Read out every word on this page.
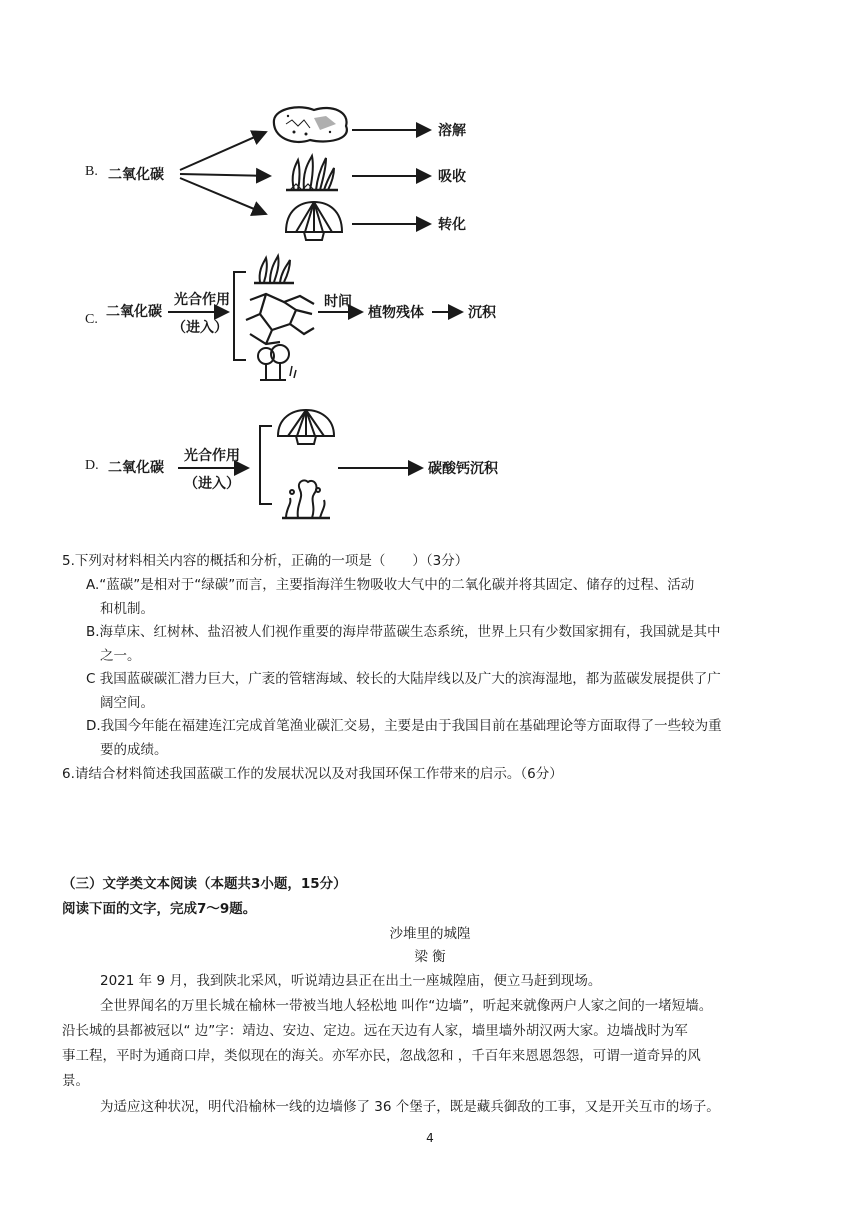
B. 二氧化碳
溶解
吸收
转化
C. 二氧化碳
光合作用
（进入）
时间
植物残体	沉积
D. 二氧化碳
光合作用
（进入）
碳酸钙沉积
5.下列对材料相关内容的概括和分析，正确的一项是（　　）（3分）
A.“蓝碳”是相对于“绿碳”而言，主要指海洋生物吸收大气中的二氧化碳并将其固定、储存的过程、活动
和机制。
B.海草床、红树林、盐沼被人们视作重要的海岸带蓝碳生态系统，世界上只有少数国家拥有，我国就是其中
之一。
C 我国蓝碳碳汇潜力巨大，广袤的管辖海域、较长的大陆岸线以及广大的滨海湿地，都为蓝碳发展提供了广
阔空间。
D.我国今年能在福建连江完成首笔渔业碳汇交易，主要是由于我国目前在基础理论等方面取得了一些较为重
要的成绩。
6.请结合材料简述我国蓝碳工作的发展状况以及对我国环保工作带来的启示。（6分）
（三）文学类文本阅读（本题共3小题，15分）
阅读下面的文字，完成7～9题。
沙堆里的城隍
梁 衡
2021 年 9 月，我到陕北采风，听说靖边县正在出土一座城隍庙，便立马赶到现场。
全世界闻名的万里长城在榆林一带被当地人轻松地 叫作“边墙”，听起来就像两户人家之间的一堵短墙。
沿长城的县都被冠以“ 边”字：靖边、安边、定边。远在天边有人家，墙里墙外胡汉两大家。边墙战时为军
事工程，平时为通商口岸，类似现在的海关。亦军亦民，忽战忽和 ，千百年来恩恩怨怨，可谓一道奇异的风
景。
为适应这种状况，明代沿榆林一线的边墙修了 36 个堡子，既是藏兵御敌的工事，又是开关互市的场子。
4
